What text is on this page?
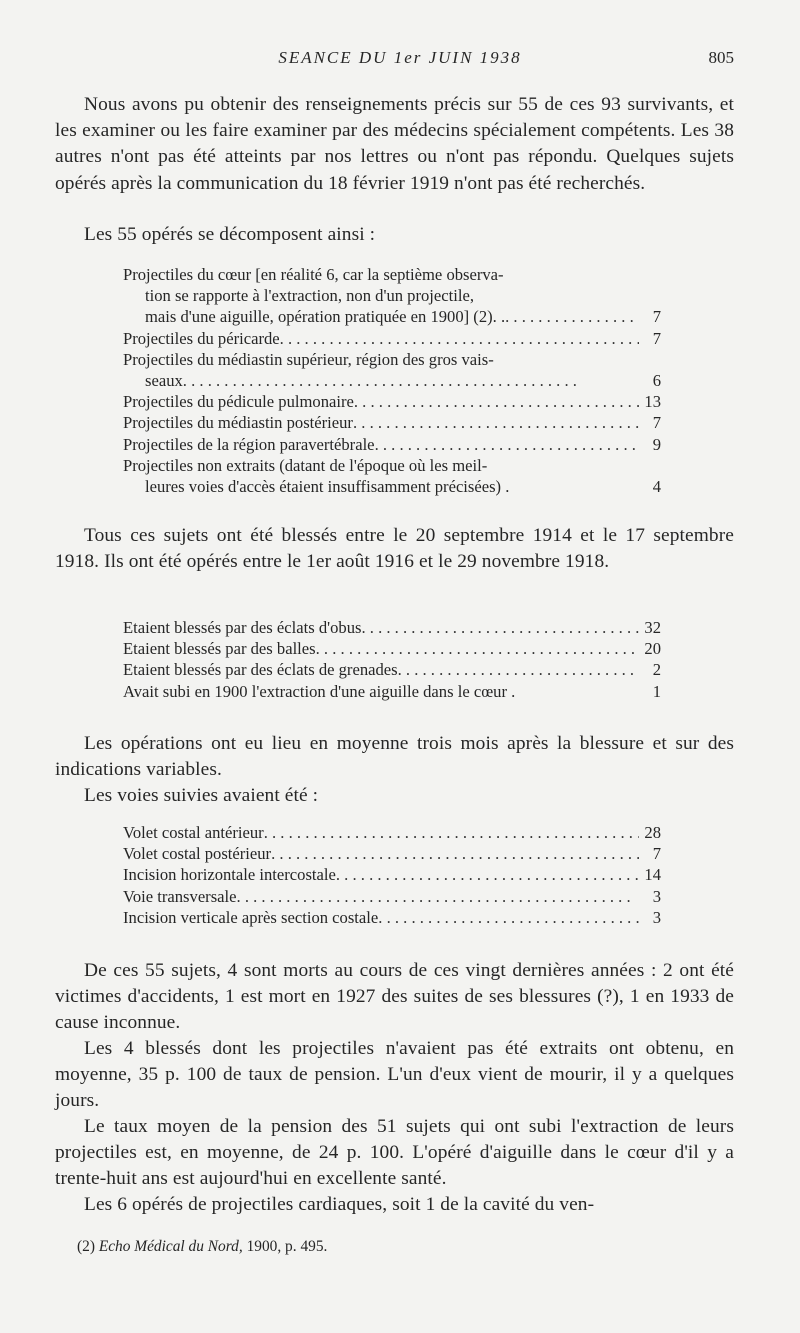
SEANCE DU 1er JUIN 1938	805

Nous avons pu obtenir des renseignements précis sur 55 de ces 93 survivants, et les examiner ou les faire examiner par des médecins spécialement compétents. Les 38 autres n'ont pas été atteints par nos lettres ou n'ont pas répondu. Quelques sujets opérés après la communication du 18 février 1919 n'ont pas été recherchés.

Les 55 opérés se décomposent ainsi :

Projectiles du cœur [en réalité 6, car la septième observa-
tion se rapporte à l'extraction, non d'un projectile,
mais d'une aiguille, opération pratiquée en 1900] (2). . . . .	7
Projectiles du péricarde . . .	7
Projectiles du médiastin supérieur, région des gros vais-
seaux . . .	6
Projectiles du pédicule pulmonaire . . .	13
Projectiles du médiastin postérieur . . .	7
Projectiles de la région paravertébrale . . .	9
Projectiles non extraits (datant de l'époque où les meil-
leures voies d'accès étaient insuffisamment précisées) .	4

Tous ces sujets ont été blessés entre le 20 septembre 1914 et le 17 septembre 1918. Ils ont été opérés entre le 1er août 1916 et le 29 novembre 1918.

Etaient blessés par des éclats d'obus . . .	32
Etaient blessés par des balles . . .	20
Etaient blessés par des éclats de grenades . . .	2
Avait subi en 1900 l'extraction d'une aiguille dans le cœur .	1

Les opérations ont eu lieu en moyenne trois mois après la blessure et sur des indications variables.

Les voies suivies avaient été :

Volet costal antérieur . . .	28
Volet costal postérieur . . .	7
Incision horizontale intercostale . . .	14
Voie transversale . . .	3
Incision verticale après section costale . . .	3

De ces 55 sujets, 4 sont morts au cours de ces vingt dernières années : 2 ont été victimes d'accidents, 1 est mort en 1927 des suites de ses blessures (?), 1 en 1933 de cause inconnue.

Les 4 blessés dont les projectiles n'avaient pas été extraits ont obtenu, en moyenne, 35 p. 100 de taux de pension. L'un d'eux vient de mourir, il y a quelques jours.

Le taux moyen de la pension des 51 sujets qui ont subi l'extraction de leurs projectiles est, en moyenne, de 24 p. 100. L'opéré d'aiguille dans le cœur d'il y a trente-huit ans est aujourd'hui en excellente santé.

Les 6 opérés de projectiles cardiaques, soit 1 de la cavité du ven-

(2) Echo Médical du Nord, 1900, p. 495.
